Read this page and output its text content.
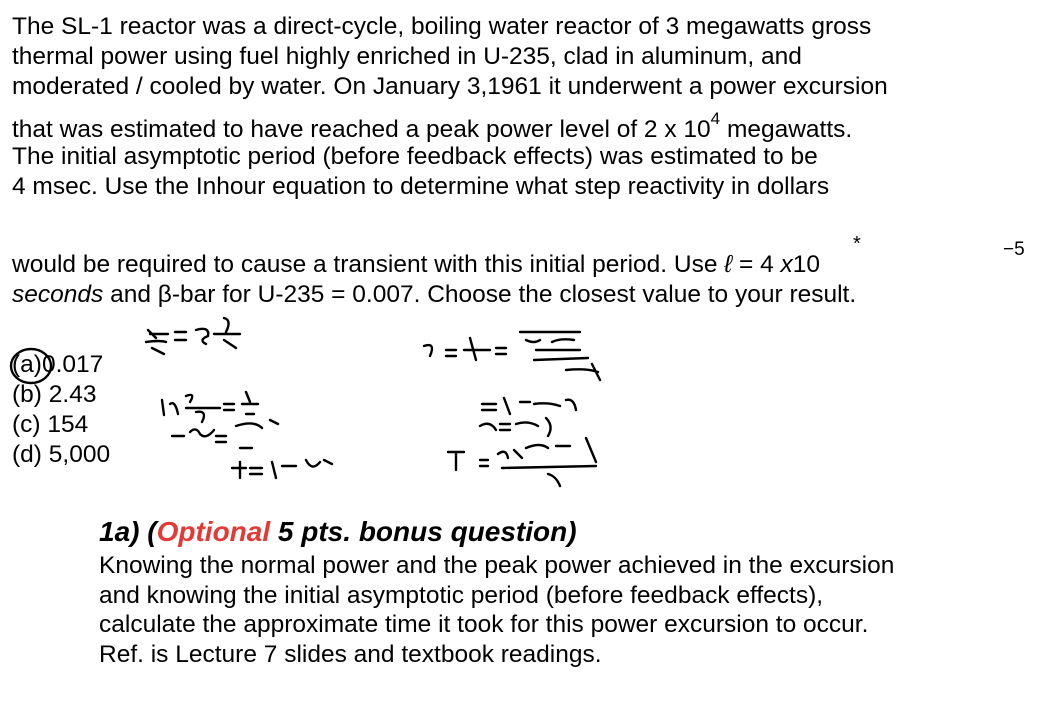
The SL-1 reactor was a direct-cycle, boiling water reactor of 3 megawatts gross
thermal power using fuel highly enriched in U-235, clad in aluminum, and
moderated / cooled by water. On January 3,1961 it underwent a power excursion
that was estimated to have reached a peak power level of 2 x $10^4$ megawatts.
The initial asymptotic period (before feedback effects) was estimated to be
4 msec. Use the Inhour equation to determine what step reactivity in dollars
would be required to cause a transient with this initial period. Use ℓ = 4 x10
*	−5
seconds and β-bar for U-235 = 0.007. Choose the closest value to your result.
(a)0.017
(b) 2.43
(c) 154
(d) 5,000
1a) (Optional 5 pts. bonus question)
Knowing the normal power and the peak power achieved in the excursion
and knowing the initial asymptotic period (before feedback effects),
calculate the approximate time it took for this power excursion to occur.
Ref. is Lecture 7 slides and textbook readings.
